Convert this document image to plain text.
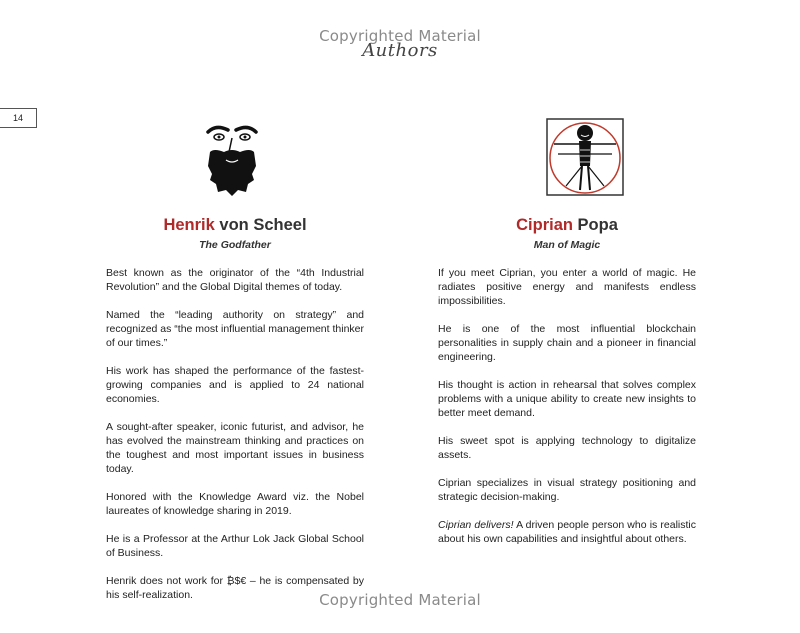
Copyrighted Material
Authors
14
Henrik von Scheel
The Godfather

Best known as the originator of the “4th Industrial Revolution” and the Global Digital themes of today.

Named the “leading authority on strategy” and recognized as “the most influential management thinker of our times.”

His work has shaped the performance of the fastest-growing companies and is applied to 24 national economies.

A sought-after speaker, iconic futurist, and advisor, he has evolved the mainstream thinking and practices on the toughest and most important issues in business today.

Honored with the Knowledge Award viz. the Nobel laureates of knowledge sharing in 2019.

He is a Professor at the Arthur Lok Jack Global School of Business.

Henrik does not work for ₿$€ – he is compensated by his self-realization.

Ciprian Popa
Man of Magic

If you meet Ciprian, you enter a world of magic. He radiates positive energy and manifests endless impossibilities.

He is one of the most influential blockchain personalities in supply chain and a pioneer in financial engineering.

His thought is action in rehearsal that solves complex problems with a unique ability to create new insights to better meet demand.

His sweet spot is applying technology to digitalize assets.

Ciprian specializes in visual strategy positioning and strategic decision-making.

Ciprian delivers! A driven people person who is realistic about his own capabilities and insightful about others.

Copyrighted Material
